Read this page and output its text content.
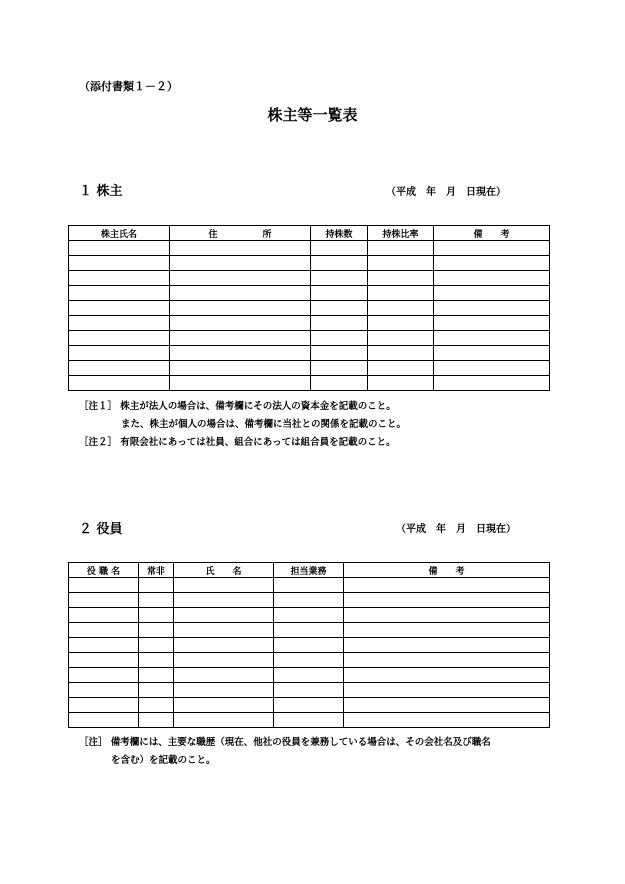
（添付書類１－２）
株主等一覧表
１ 株主	（平成　年　月　日現在）
株主氏名	住　　　　　所	持株数	持株比率	備　　考

［注１］ 株主が法人の場合は、備考欄にその法人の資本金を記載のこと。
また、株主が個人の場合は、備考欄に当社との関係を記載のこと。
［注２］ 有限会社にあっては社員、組合にあっては組合員を記載のこと。
２ 役員	（平成　年　月　日現在）
役 職 名	常非	氏　　名	担当業務	備　　考

［注］ 備考欄には、主要な職歴（現在、他社の役員を兼務している場合は、その会社名及び職名
を含む）を記載のこと。
